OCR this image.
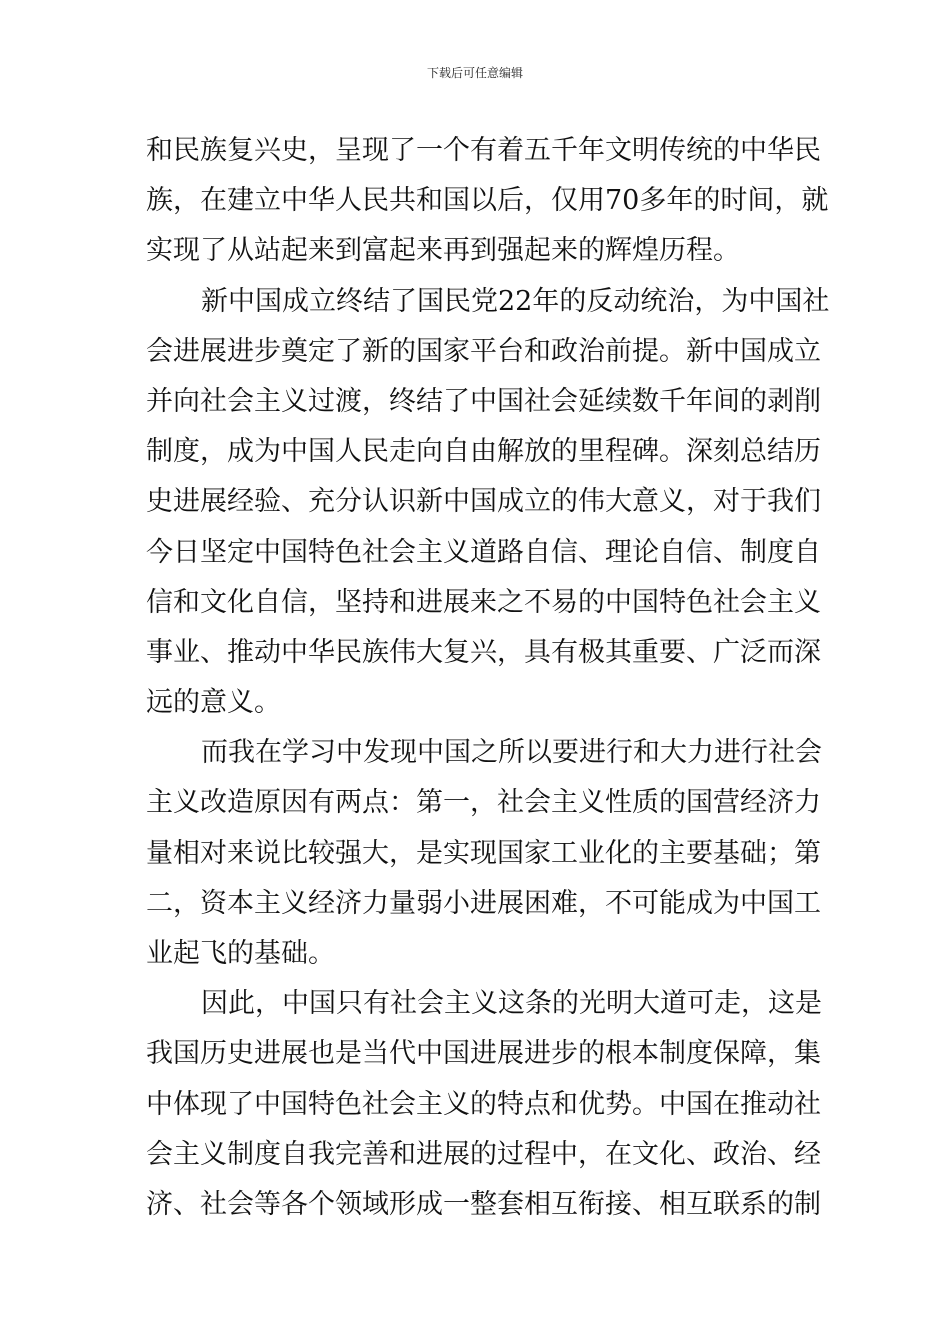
下载后可任意编辑
和民族复兴史，呈现了一个有着五千年文明传统的中华民
族，在建立中华人民共和国以后，仅用70多年的时间，就
实现了从站起来到富起来再到强起来的辉煌历程。
新中国成立终结了国民党22年的反动统治，为中国社
会进展进步奠定了新的国家平台和政治前提。新中国成立
并向社会主义过渡，终结了中国社会延续数千年间的剥削
制度，成为中国人民走向自由解放的里程碑。深刻总结历
史进展经验、充分认识新中国成立的伟大意义，对于我们
今日坚定中国特色社会主义道路自信、理论自信、制度自
信和文化自信，坚持和进展来之不易的中国特色社会主义
事业、推动中华民族伟大复兴，具有极其重要、广泛而深
远的意义。
而我在学习中发现中国之所以要进行和大力进行社会
主义改造原因有两点：第一，社会主义性质的国营经济力
量相对来说比较强大，是实现国家工业化的主要基础；第
二，资本主义经济力量弱小进展困难，不可能成为中国工
业起飞的基础。
因此，中国只有社会主义这条的光明大道可走，这是
我国历史进展也是当代中国进展进步的根本制度保障，集
中体现了中国特色社会主义的特点和优势。中国在推动社
会主义制度自我完善和进展的过程中，在文化、政治、经
济、社会等各个领域形成一整套相互衔接、相互联系的制
